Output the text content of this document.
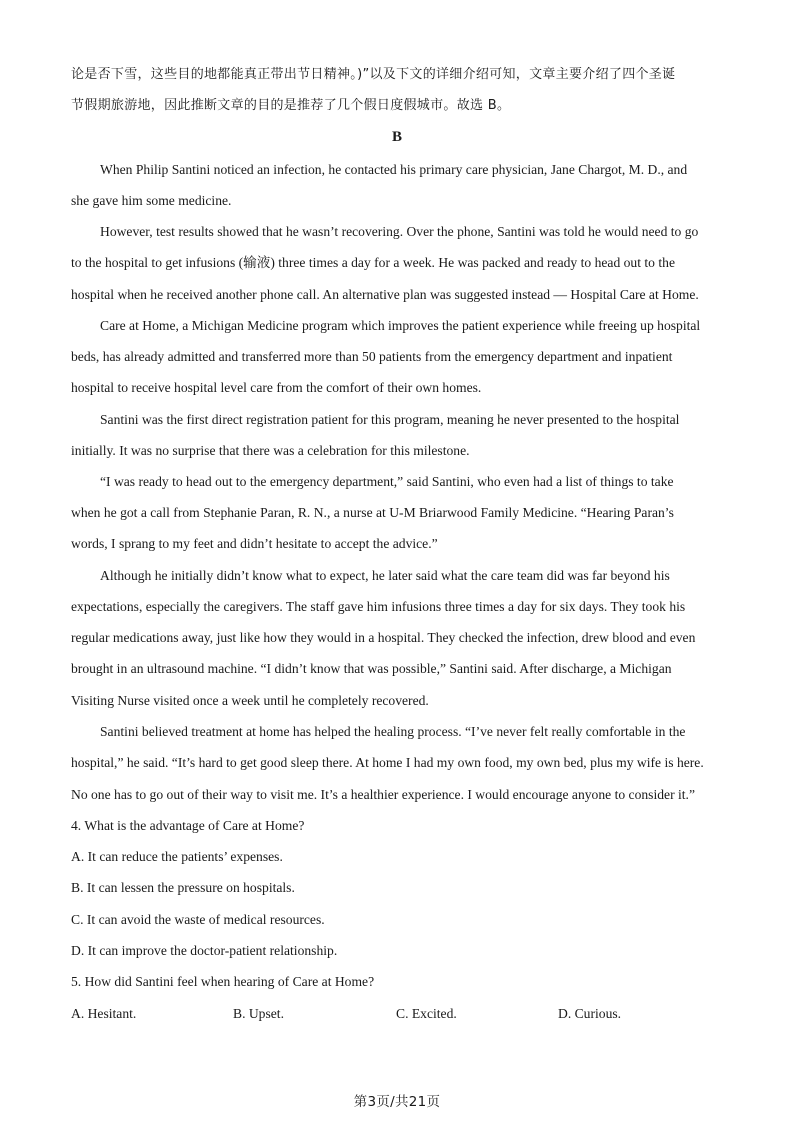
论是否下雪，这些目的地都能真正带出节日精神。)”以及下文的详细介绍可知，文章主要介绍了四个圣诞
节假期旅游地，因此推断文章的目的是推荐了几个假日度假城市。故选 B。
B
When Philip Santini noticed an infection, he contacted his primary care physician, Jane Chargot, M. D., and
she gave him some medicine.
However, test results showed that he wasn’t recovering. Over the phone, Santini was told he would need to go
to the hospital to get infusions (输液) three times a day for a week. He was packed and ready to head out to the
hospital when he received another phone call. An alternative plan was suggested instead — Hospital Care at Home.
Care at Home, a Michigan Medicine program which improves the patient experience while freeing up hospital
beds, has already admitted and transferred more than 50 patients from the emergency department and inpatient
hospital to receive hospital level care from the comfort of their own homes.
Santini was the first direct registration patient for this program, meaning he never presented to the hospital
initially. It was no surprise that there was a celebration for this milestone.
“I was ready to head out to the emergency department,” said Santini, who even had a list of things to take
when he got a call from Stephanie Paran, R. N., a nurse at U-M Briarwood Family Medicine. “Hearing Paran’s
words, I sprang to my feet and didn’t hesitate to accept the advice.”
Although he initially didn’t know what to expect, he later said what the care team did was far beyond his
expectations, especially the caregivers. The staff gave him infusions three times a day for six days. They took his
regular medications away, just like how they would in a hospital. They checked the infection, drew blood and even
brought in an ultrasound machine. “I didn’t know that was possible,” Santini said. After discharge, a Michigan
Visiting Nurse visited once a week until he completely recovered.
Santini believed treatment at home has helped the healing process. “I’ve never felt really comfortable in the
hospital,” he said. “It’s hard to get good sleep there. At home I had my own food, my own bed, plus my wife is here.
No one has to go out of their way to visit me. It’s a healthier experience. I would encourage anyone to consider it.”
4. What is the advantage of Care at Home?
A. It can reduce the patients’ expenses.
B. It can lessen the pressure on hospitals.
C. It can avoid the waste of medical resources.
D. It can improve the doctor-patient relationship.
5. How did Santini feel when hearing of Care at Home?
A. Hesitant.	B. Upset.	C. Excited.	D. Curious.
第3页/共21页
